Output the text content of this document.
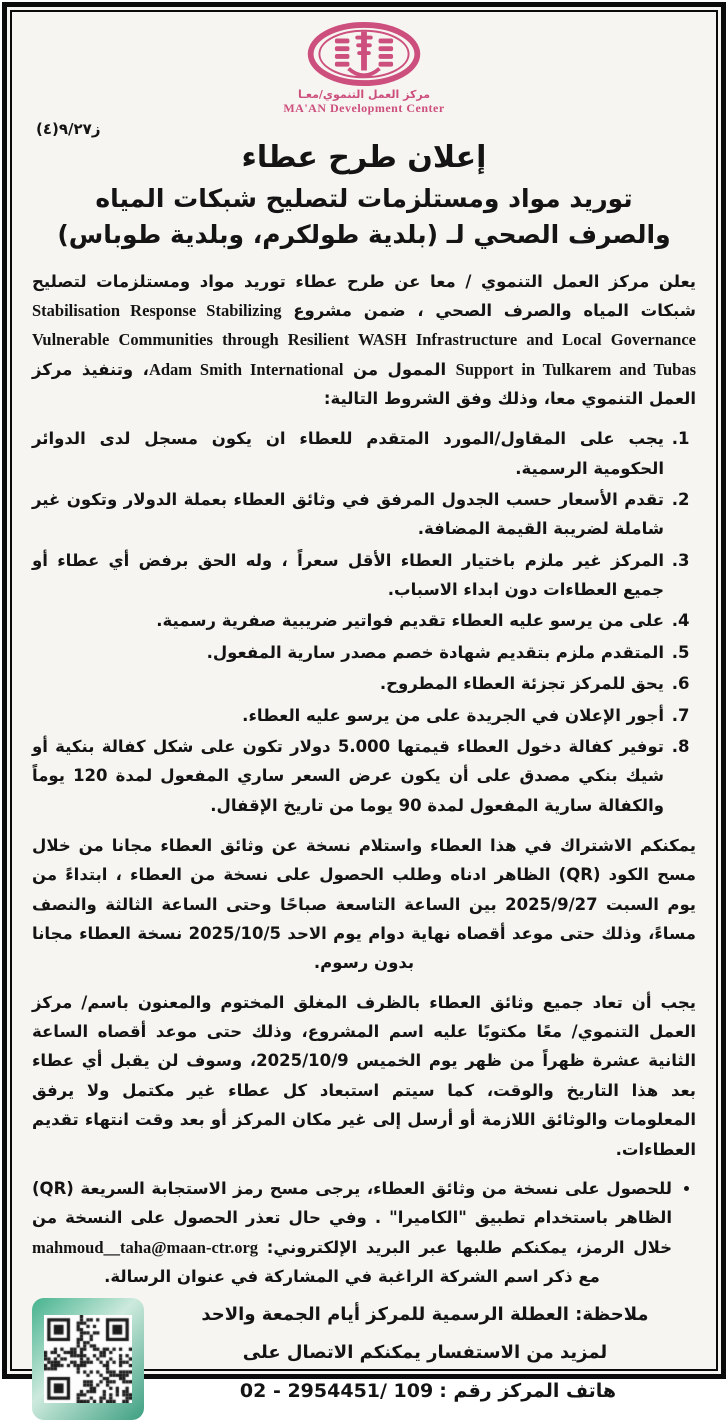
مركز العمل التنموي/معـا
MA'AN Development Center
ز٩/٢٧(٤)
إعلان طرح عطاء
توريد مواد ومستلزمات لتصليح شبكات المياه والصرف الصحي لـ (بلدية طولكرم، وبلدية طوباس)

يعلن مركز العمل التنموي / معا عن طرح عطاء توريد مواد ومستلزمات لتصليح شبكات المياه والصرف الصحي ، ضمن مشروع Stabilisation Response Stabilizing Vulnerable Communities through Resilient WASH Infrastructure and Local Governance Support in Tulkarem and Tubas الممول من Adam Smith International، وتنفيذ مركز العمل التنموي معا، وذلك وفق الشروط التالية:

1. يجب على المقاول/المورد المتقدم للعطاء ان يكون مسجل لدى الدوائر الحكومية الرسمية.
2. تقدم الأسعار حسب الجدول المرفق في وثائق العطاء بعملة الدولار وتكون غير شاملة لضريبة القيمة المضافة.
3. المركز غير ملزم باختيار العطاء الأقل سعراً ، وله الحق برفض أي عطاء أو جميع العطاءات دون ابداء الاسباب.
4. على من يرسو عليه العطاء تقديم فواتير ضريبية صفرية رسمية.
5. المتقدم ملزم بتقديم شهادة خصم مصدر سارية المفعول.
6. يحق للمركز تجزئة العطاء المطروح.
7. أجور الإعلان في الجريدة على من يرسو عليه العطاء.
8. توفير كفالة دخول العطاء قيمتها 5.000 دولار تكون على شكل كفالة بنكية أو شيك بنكي مصدق على أن يكون عرض السعر ساري المفعول لمدة 120 يوماً والكفالة سارية المفعول لمدة 90 يوما من تاريخ الإقفال.

يمكنكم الاشتراك في هذا العطاء واستلام نسخة عن وثائق العطاء مجانا من خلال مسح الكود (QR) الظاهر ادناه وطلب الحصول على نسخة من العطاء ، ابتداءً من يوم السبت 2025/9/27 بين الساعة التاسعة صباحًا وحتى الساعة الثالثة والنصف مساءً، وذلك حتى موعد أقصاه نهاية دوام يوم الاحد 2025/10/5 نسخة العطاء مجانا بدون رسوم.

يجب أن تعاد جميع وثائق العطاء بالظرف المغلق المختوم والمعنون باسم/ مركز العمل التنموي/ معًا مكتوبًا عليه اسم المشروع، وذلك حتى موعد أقصاه الساعة الثانية عشرة ظهراً من ظهر يوم الخميس 2025/10/9، وسوف لن يقبل أي عطاء بعد هذا التاريخ والوقت، كما سيتم استبعاد كل عطاء غير مكتمل ولا يرفق المعلومات والوثائق اللازمة أو أرسل إلى غير مكان المركز أو بعد وقت انتهاء تقديم العطاءات.

• للحصول على نسخة من وثائق العطاء، يرجى مسح رمز الاستجابة السريعة (QR) الظاهر باستخدام تطبيق "الكاميرا" . وفي حال تعذر الحصول على النسخة من خلال الرمز، يمكنكم طلبها عبر البريد الإلكتروني: mahmoud__taha@maan-ctr.org مع ذكر اسم الشركة الراغبة في المشاركة في عنوان الرسالة.
ملاحظة: العطلة الرسمية للمركز أيام الجمعة والاحد
لمزيد من الاستفسار يمكنكم الاتصال على
هاتف المركز رقم :02 - 2954451/ 109
